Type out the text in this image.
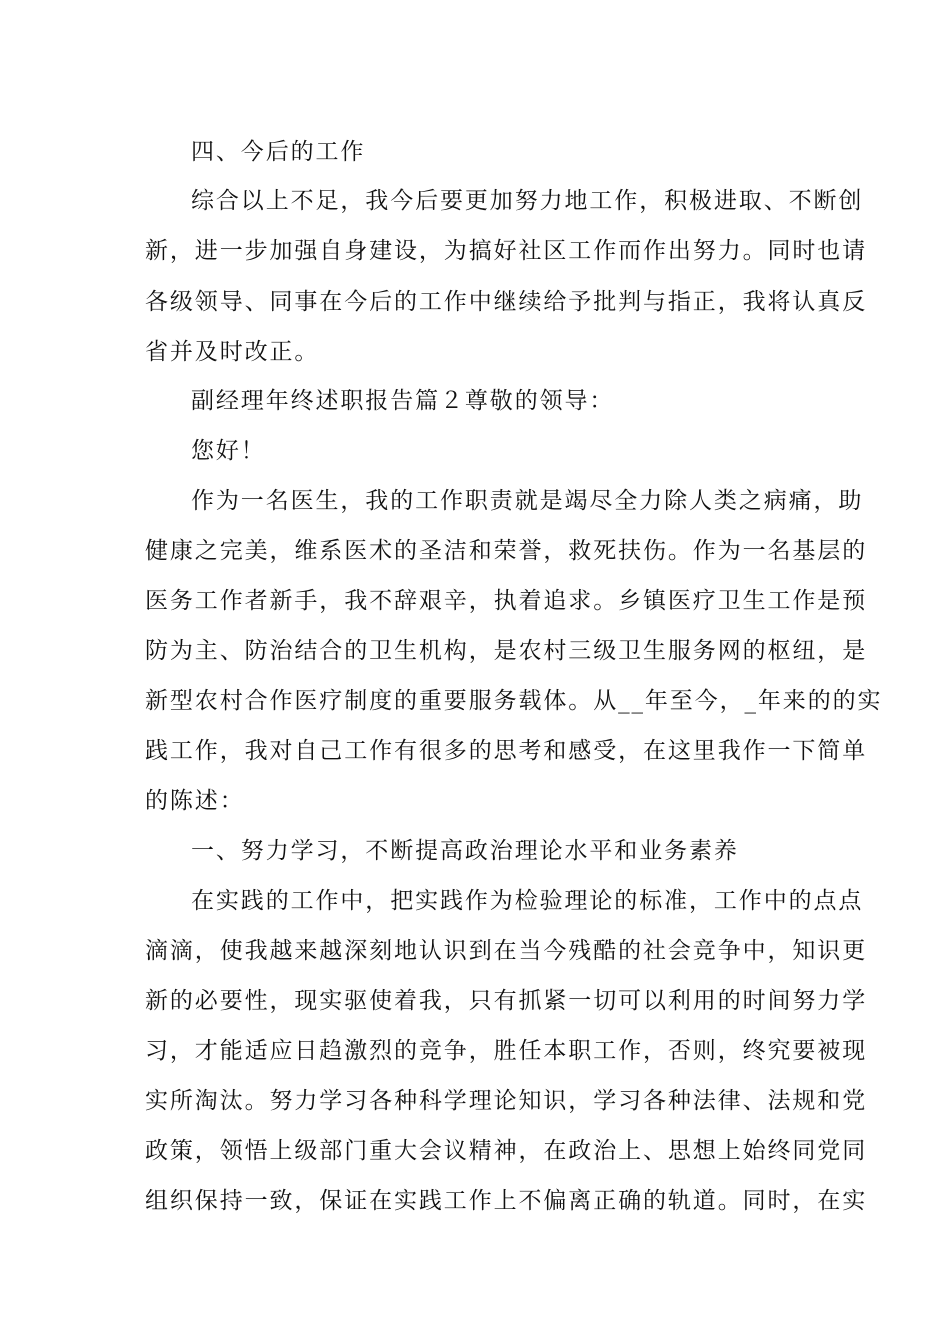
四、今后的工作
综合以上不足，我今后要更加努力地工作，积极进取、不断创
新，进一步加强自身建设，为搞好社区工作而作出努力。同时也请
各级领导、同事在今后的工作中继续给予批判与指正，我将认真反
省并及时改正。
副经理年终述职报告篇２尊敬的领导：
您好！
作为一名医生，我的工作职责就是竭尽全力除人类之病痛，助
健康之完美，维系医术的圣洁和荣誉，救死扶伤。作为一名基层的
医务工作者新手，我不辞艰辛，执着追求。乡镇医疗卫生工作是预
防为主、防治结合的卫生机构，是农村三级卫生服务网的枢纽，是
新型农村合作医疗制度的重要服务载体。从__年至今，_年来的的实
践工作，我对自己工作有很多的思考和感受，在这里我作一下简单
的陈述：
一、努力学习，不断提高政治理论水平和业务素养
在实践的工作中，把实践作为检验理论的标准，工作中的点点
滴滴，使我越来越深刻地认识到在当今残酷的社会竞争中，知识更
新的必要性，现实驱使着我，只有抓紧一切可以利用的时间努力学
习，才能适应日趋激烈的竞争，胜任本职工作，否则，终究要被现
实所淘汰。努力学习各种科学理论知识，学习各种法律、法规和党
政策，领悟上级部门重大会议精神，在政治上、思想上始终同党同
组织保持一致，保证在实践工作上不偏离正确的轨道。同时，在实
